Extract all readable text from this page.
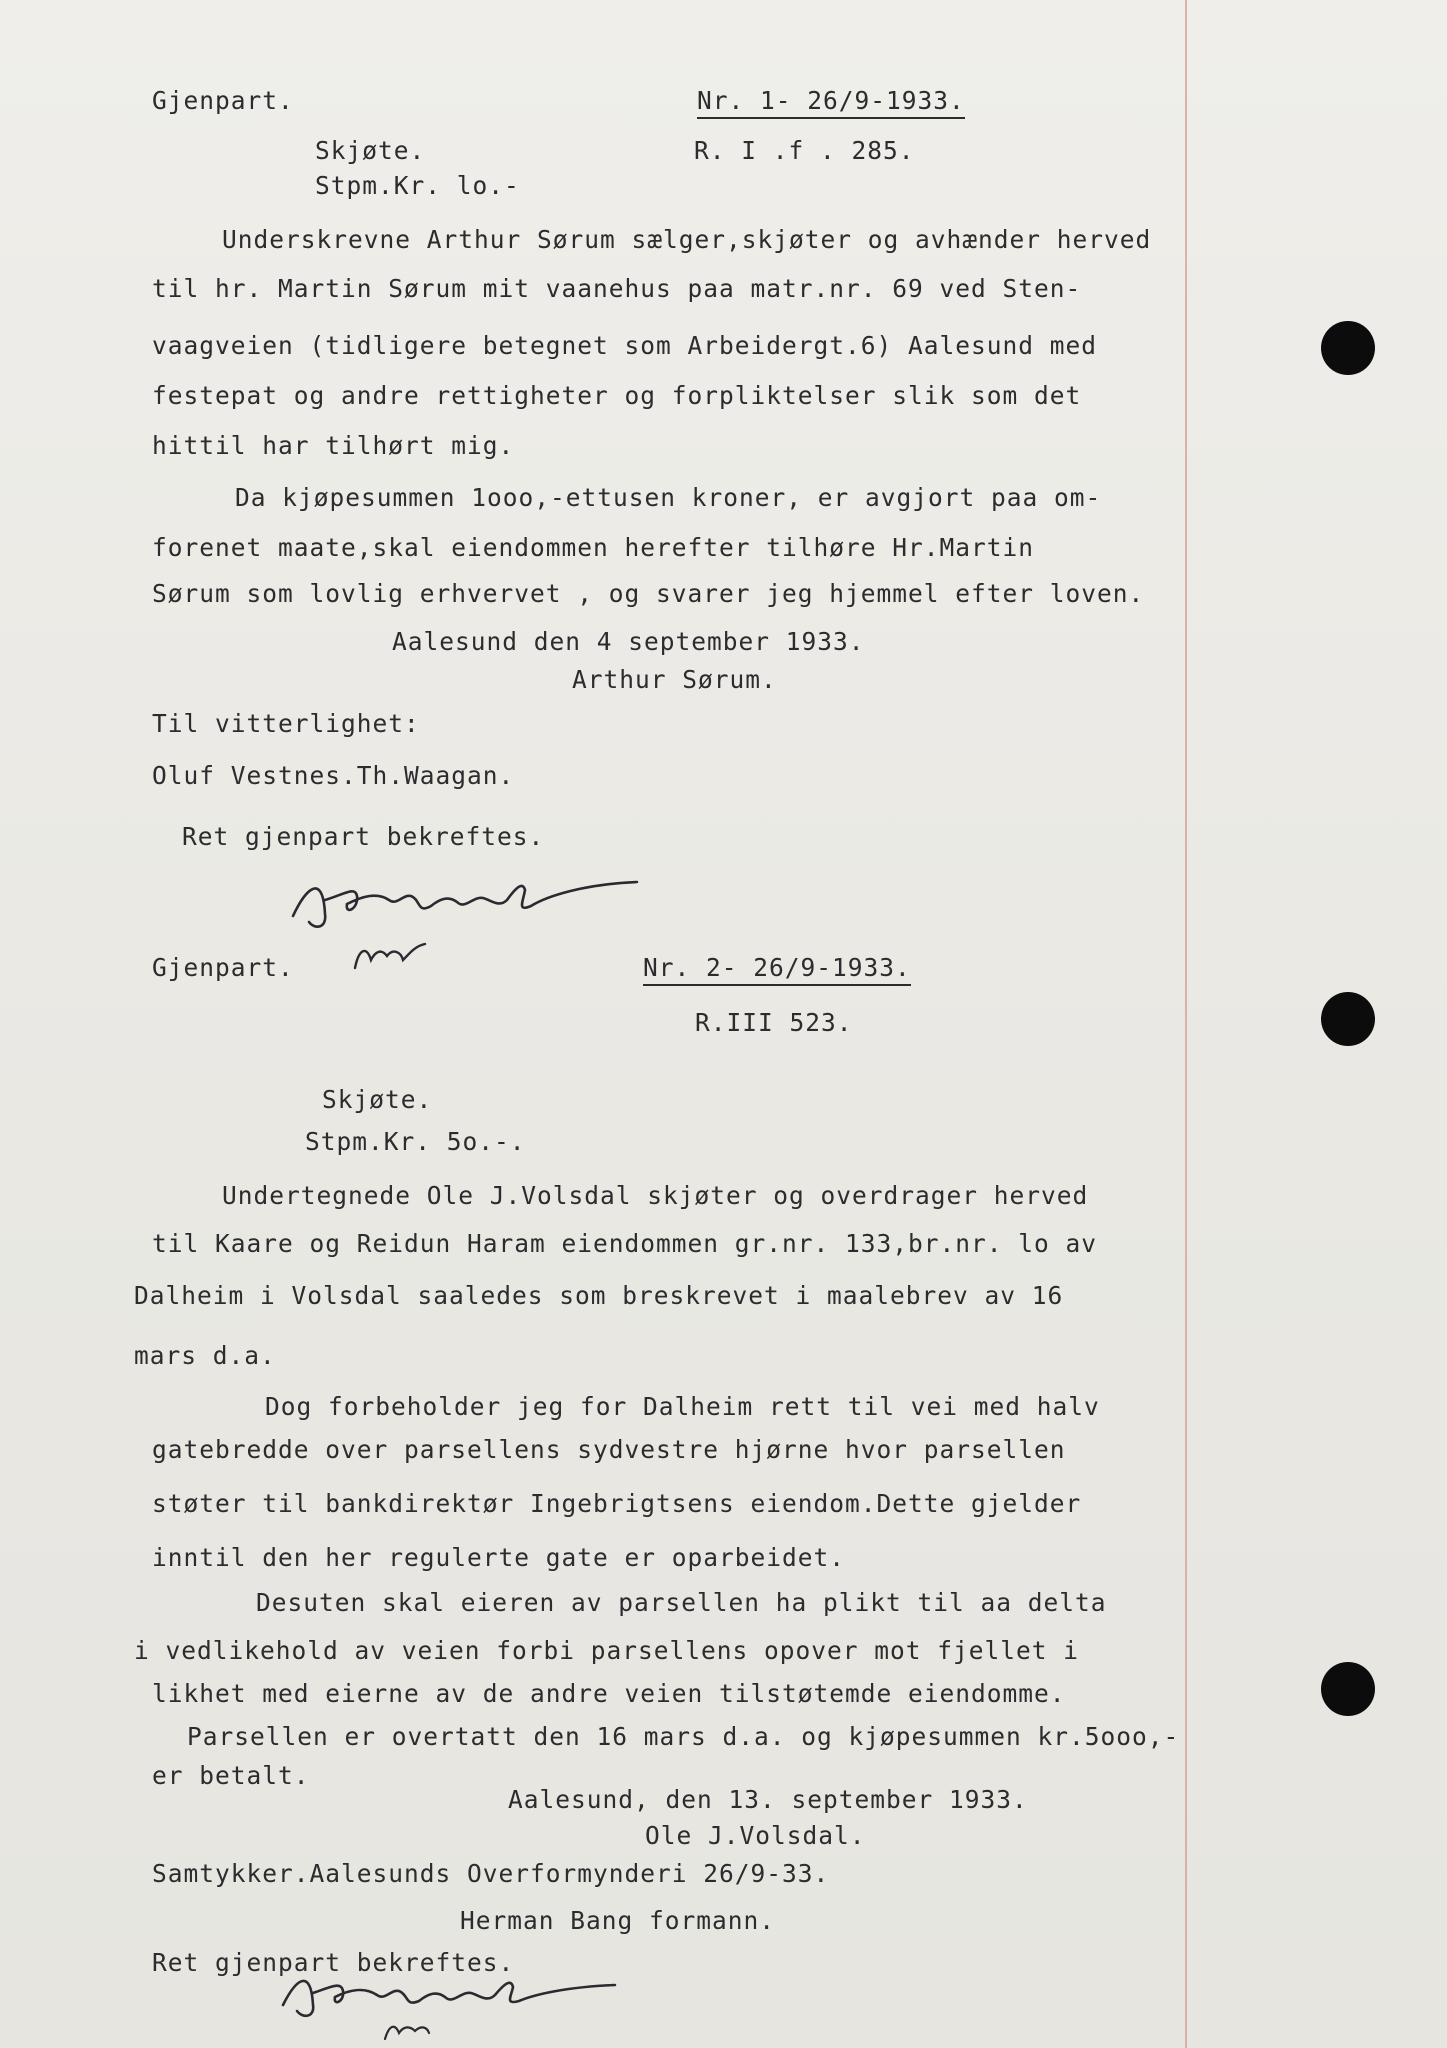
Gjenpart.	Nr. 1- 26/9-1933.
Skjøte.	R. I .f . 285.
Stpm.Kr. lo.-
Underskrevne Arthur Sørum sælger,skjøter og avhænder herved
til hr. Martin Sørum mit vaanehus paa matr.nr. 69 ved Sten-
vaagveien (tidligere betegnet som Arbeidergt.6) Aalesund med
festepat og andre rettigheter og forpliktelser slik som det
hittil har tilhørt mig.
Da kjøpesummen 1ooo,-ettusen kroner, er avgjort paa om-
forenet maate,skal eiendommen herefter tilhøre Hr.Martin
Sørum som lovlig erhvervet , og svarer jeg hjemmel efter loven.
Aalesund den 4 september 1933.
Arthur Sørum.
Til vitterlighet:
Oluf Vestnes.Th.Waagan.
Ret gjenpart bekreftes.
Gjenpart.	Nr. 2- 26/9-1933.
R.III 523.
Skjøte.
Stpm.Kr. 5o.-.
Undertegnede Ole J.Volsdal skjøter og overdrager herved
til Kaare og Reidun Haram eiendommen gr.nr. 133,br.nr. lo av
Dalheim i Volsdal saaledes som breskrevet i maalebrev av 16
mars d.a.
Dog forbeholder jeg for Dalheim rett til vei med halv
gatebredde over parsellens sydvestre hjørne hvor parsellen
støter til bankdirektør Ingebrigtsens eiendom.Dette gjelder
inntil den her regulerte gate er oparbeidet.
Desuten skal eieren av parsellen ha plikt til aa delta
i vedlikehold av veien forbi parsellens opover mot fjellet i
likhet med eierne av de andre veien tilstøtemde eiendomme.
Parsellen er overtatt den 16 mars d.a. og kjøpesummen kr.5ooo,-
er betalt.
Aalesund, den 13. september 1933.
Ole J.Volsdal.
Samtykker.Aalesunds Overformynderi 26/9-33.
Herman Bang formann.
Ret gjenpart bekreftes.
